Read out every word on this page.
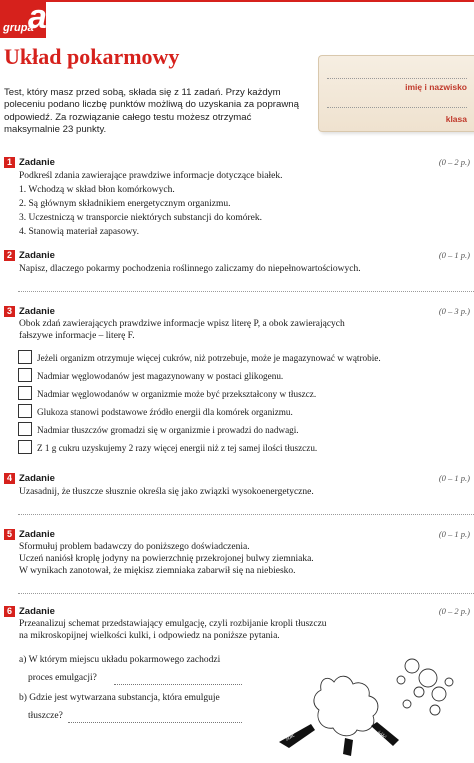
grupa
a
Układ pokarmowy
Test, który masz przed sobą, składa się z 11 zadań. Przy każdym poleceniu podano liczbę punktów możliwą do uzyskania za poprawną odpowiedź. Za rozwiązanie całego testu możesz otrzymać maksymalnie 23 punkty.
imię i nazwisko
klasa
1 Zadanie	(0 – 2 p.)
Podkreśl zdania zawierające prawdziwe informacje dotyczące białek.
1. Wchodzą w skład błon komórkowych.
2. Są głównym składnikiem energetycznym organizmu.
3. Uczestniczą w transporcie niektórych substancji do komórek.
4. Stanowią materiał zapasowy.
2 Zadanie	(0 – 1 p.)
Napisz, dlaczego pokarmy pochodzenia roślinnego zaliczamy do niepełnowartościowych.
3 Zadanie	(0 – 3 p.)
Obok zdań zawierających prawdziwe informacje wpisz literę P, a obok zawierających
fałszywe informacje – literę F.
Jeżeli organizm otrzymuje więcej cukrów, niż potrzebuje, może je magazynować w wątrobie.
Nadmiar węglowodanów jest magazynowany w postaci glikogenu.
Nadmiar węglowodanów w organizmie może być przekształcony w tłuszcz.
Glukoza stanowi podstawowe źródło energii dla komórek organizmu.
Nadmiar tłuszczów gromadzi się w organizmie i prowadzi do nadwagi.
Z 1 g cukru uzyskujemy 2 razy więcej energii niż z tej samej ilości tłuszczu.
4 Zadanie	(0 – 1 p.)
Uzasadnij, że tłuszcze słusznie określa się jako związki wysokoenergetyczne.
5 Zadanie	(0 – 1 p.)
Sformułuj problem badawczy do poniższego doświadczenia.
Uczeń naniósł kroplę jodyny na powierzchnię przekrojonej bulwy ziemniaka.
W wynikach zanotował, że miękisz ziemniaka zabarwił się na niebiesko.
6 Zadanie	(0 – 2 p.)
Przeanalizuj schemat przedstawiający emulgację, czyli rozbijanie kropli tłuszczu
na mikroskopijnej wielkości kulki, i odpowiedz na poniższe pytania.
a) W którym miejscu układu pokarmowego zachodzi
proces emulgacji?
b) Gdzie jest wytwarzana substancja, która emulguje
tłuszcze?
żółć	żółć
